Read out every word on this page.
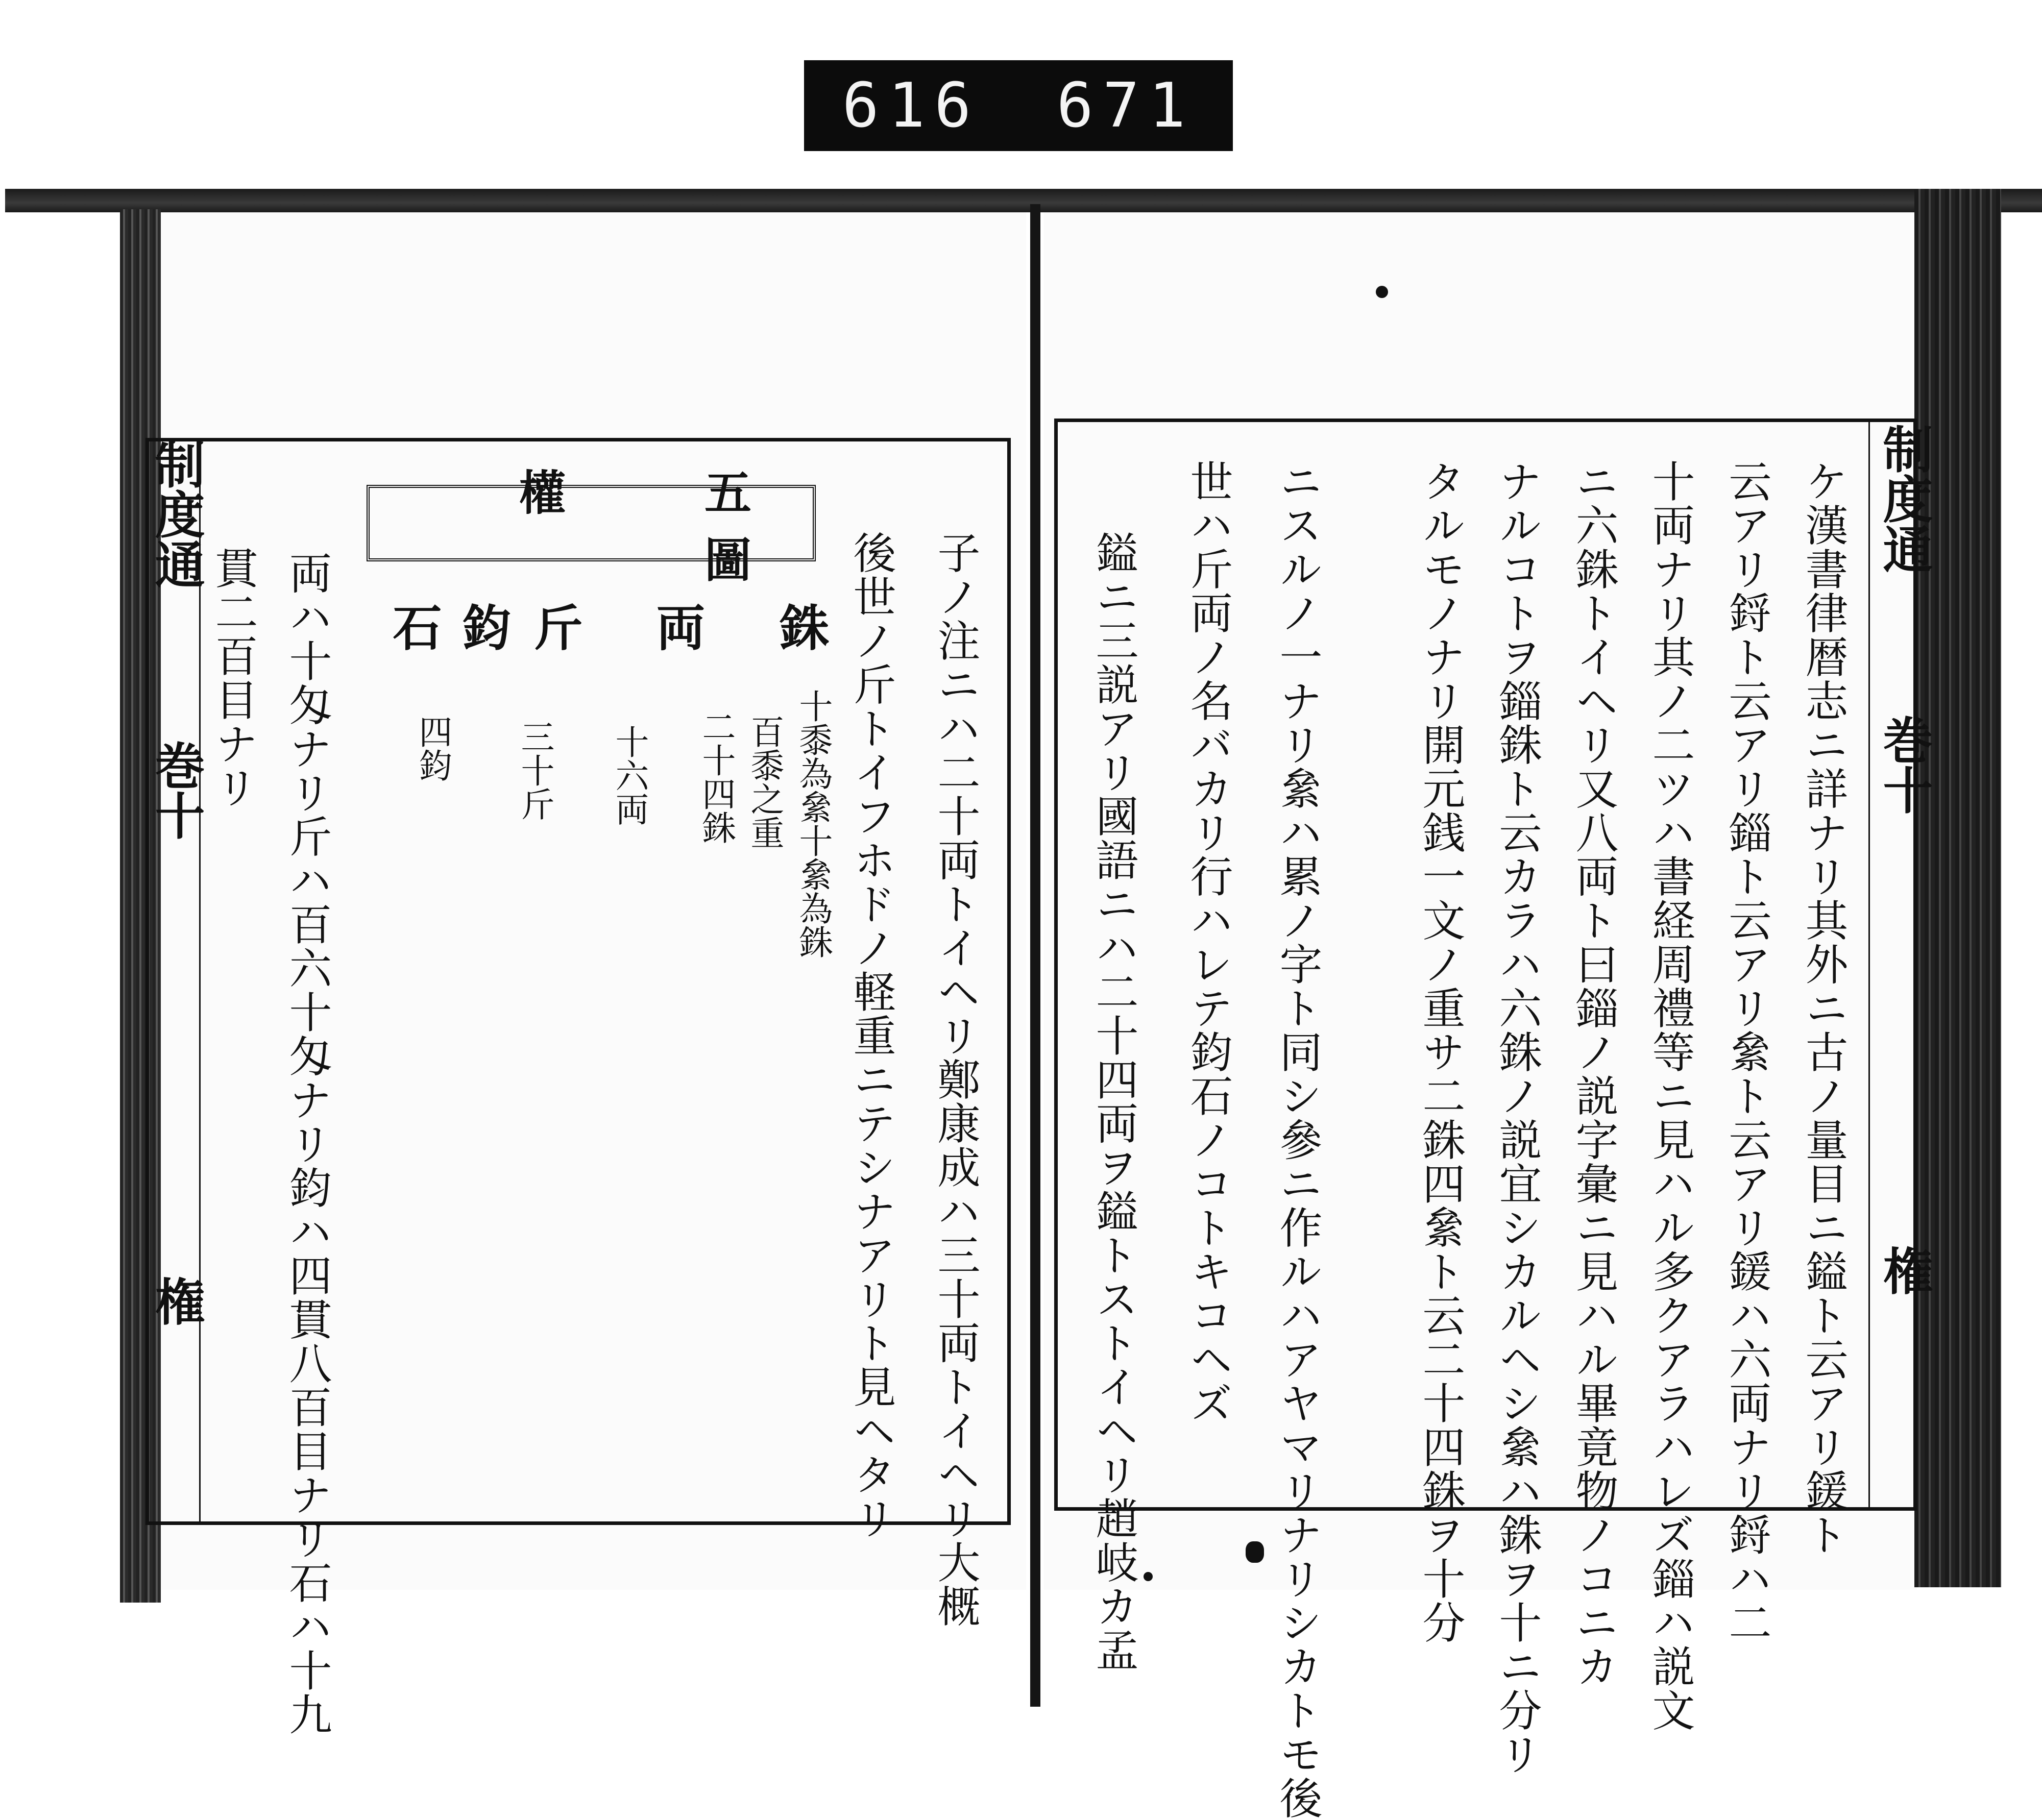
616 671
制度通
巻十
権
ケ漢書律暦志ニ詳ナリ其外ニ古ノ量目ニ鎰ト云アリ鍰ト
云アリ鋝ト云アリ錙ト云アリ絫ト云アリ鍰ハ六両ナリ鋝ハ二
十両ナリ其ノ二ツハ書経周禮等ニ見ハル多クアラハレズ錙ハ説文
ニ六銖トイヘリ又八両ト曰錙ノ説字彙ニ見ハル畢竟物ノコニカ
ナルコトヲ錙銖ト云カラハ六銖ノ説宜シカルヘシ絫ハ銖ヲ十ニ分リ
タルモノナリ開元銭一文ノ重サ二銖四絫ト云二十四銖ヲ十分
ニスルノ一ナリ絫ハ累ノ字ト同シ參ニ作ルハアヤマリナリシカトモ後
世ハ斤両ノ名バカリ行ハレテ鈞石ノコトキコヘズ
鎰ニ三説アリ國語ニハ二十四両ヲ鎰トストイヘリ趙岐カ孟
制度通
巻十
権	子ノ注ニハ二十両トイヘリ鄭康成ハ三十両トイヘリ大概
後世ノ斤トイフホドノ軽重ニテシナアリト見ヘタリ
五 權 圖
銖
両
斤
鈞
石
十黍為絫十絫為銖
百黍之重
二十四銖
十六両
三十斤
四鈞
両ハ十匁ナリ斤ハ百六十匁ナリ鈞ハ四貫八百目ナリ石ハ十九
貫二百目ナリ
